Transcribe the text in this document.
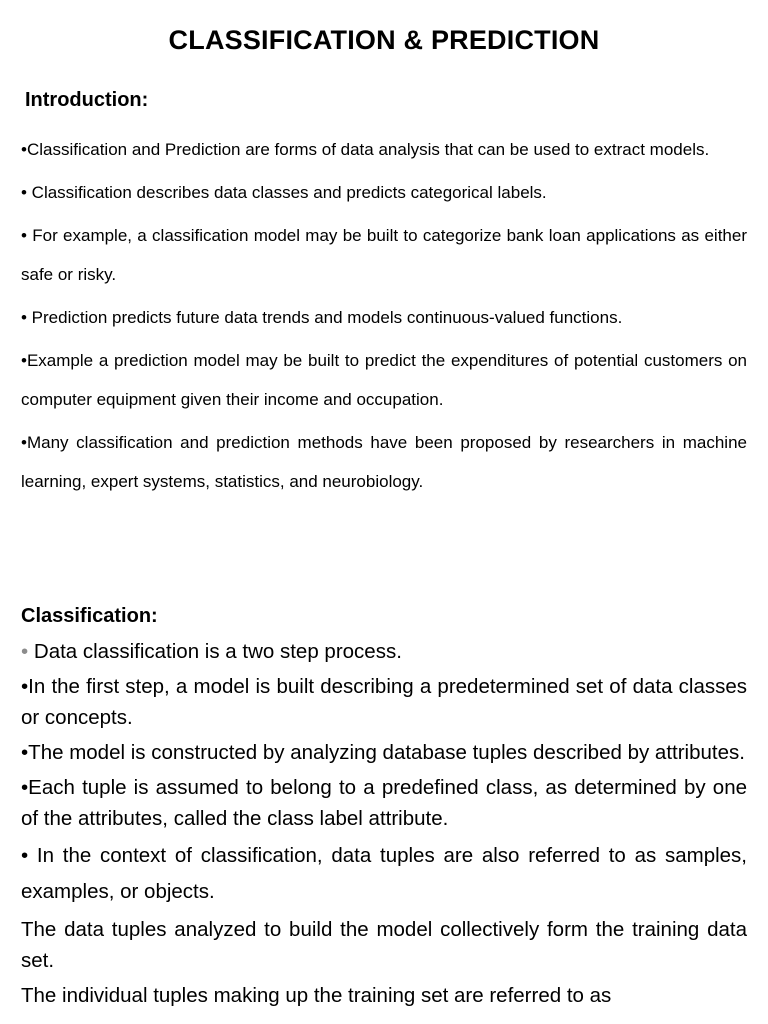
CLASSIFICATION & PREDICTION
Introduction:
•Classification and Prediction are forms of data analysis that can be used to extract models.
• Classification describes data classes and predicts categorical labels.
• For example, a classification model may be built to categorize bank loan applications as either safe or risky.
• Prediction predicts future data trends and models continuous-valued functions.
•Example a prediction model may be built to predict the expenditures of potential customers on computer equipment given their income and occupation.
•Many classification and prediction methods have been proposed by researchers in machine learning, expert systems, statistics, and neurobiology.
Classification:
• Data classification is a two step process.
•In the first step, a model is built describing a predetermined set of data classes or concepts.
•The model is constructed by analyzing database tuples described by attributes.
•Each tuple is assumed to belong to a predefined class, as determined by one of the attributes, called the class label attribute.
• In the context of classification, data tuples are also referred to as samples, examples, or objects.
The data tuples analyzed to build the model collectively form the training data set.
The individual tuples making up the training set are referred to as
